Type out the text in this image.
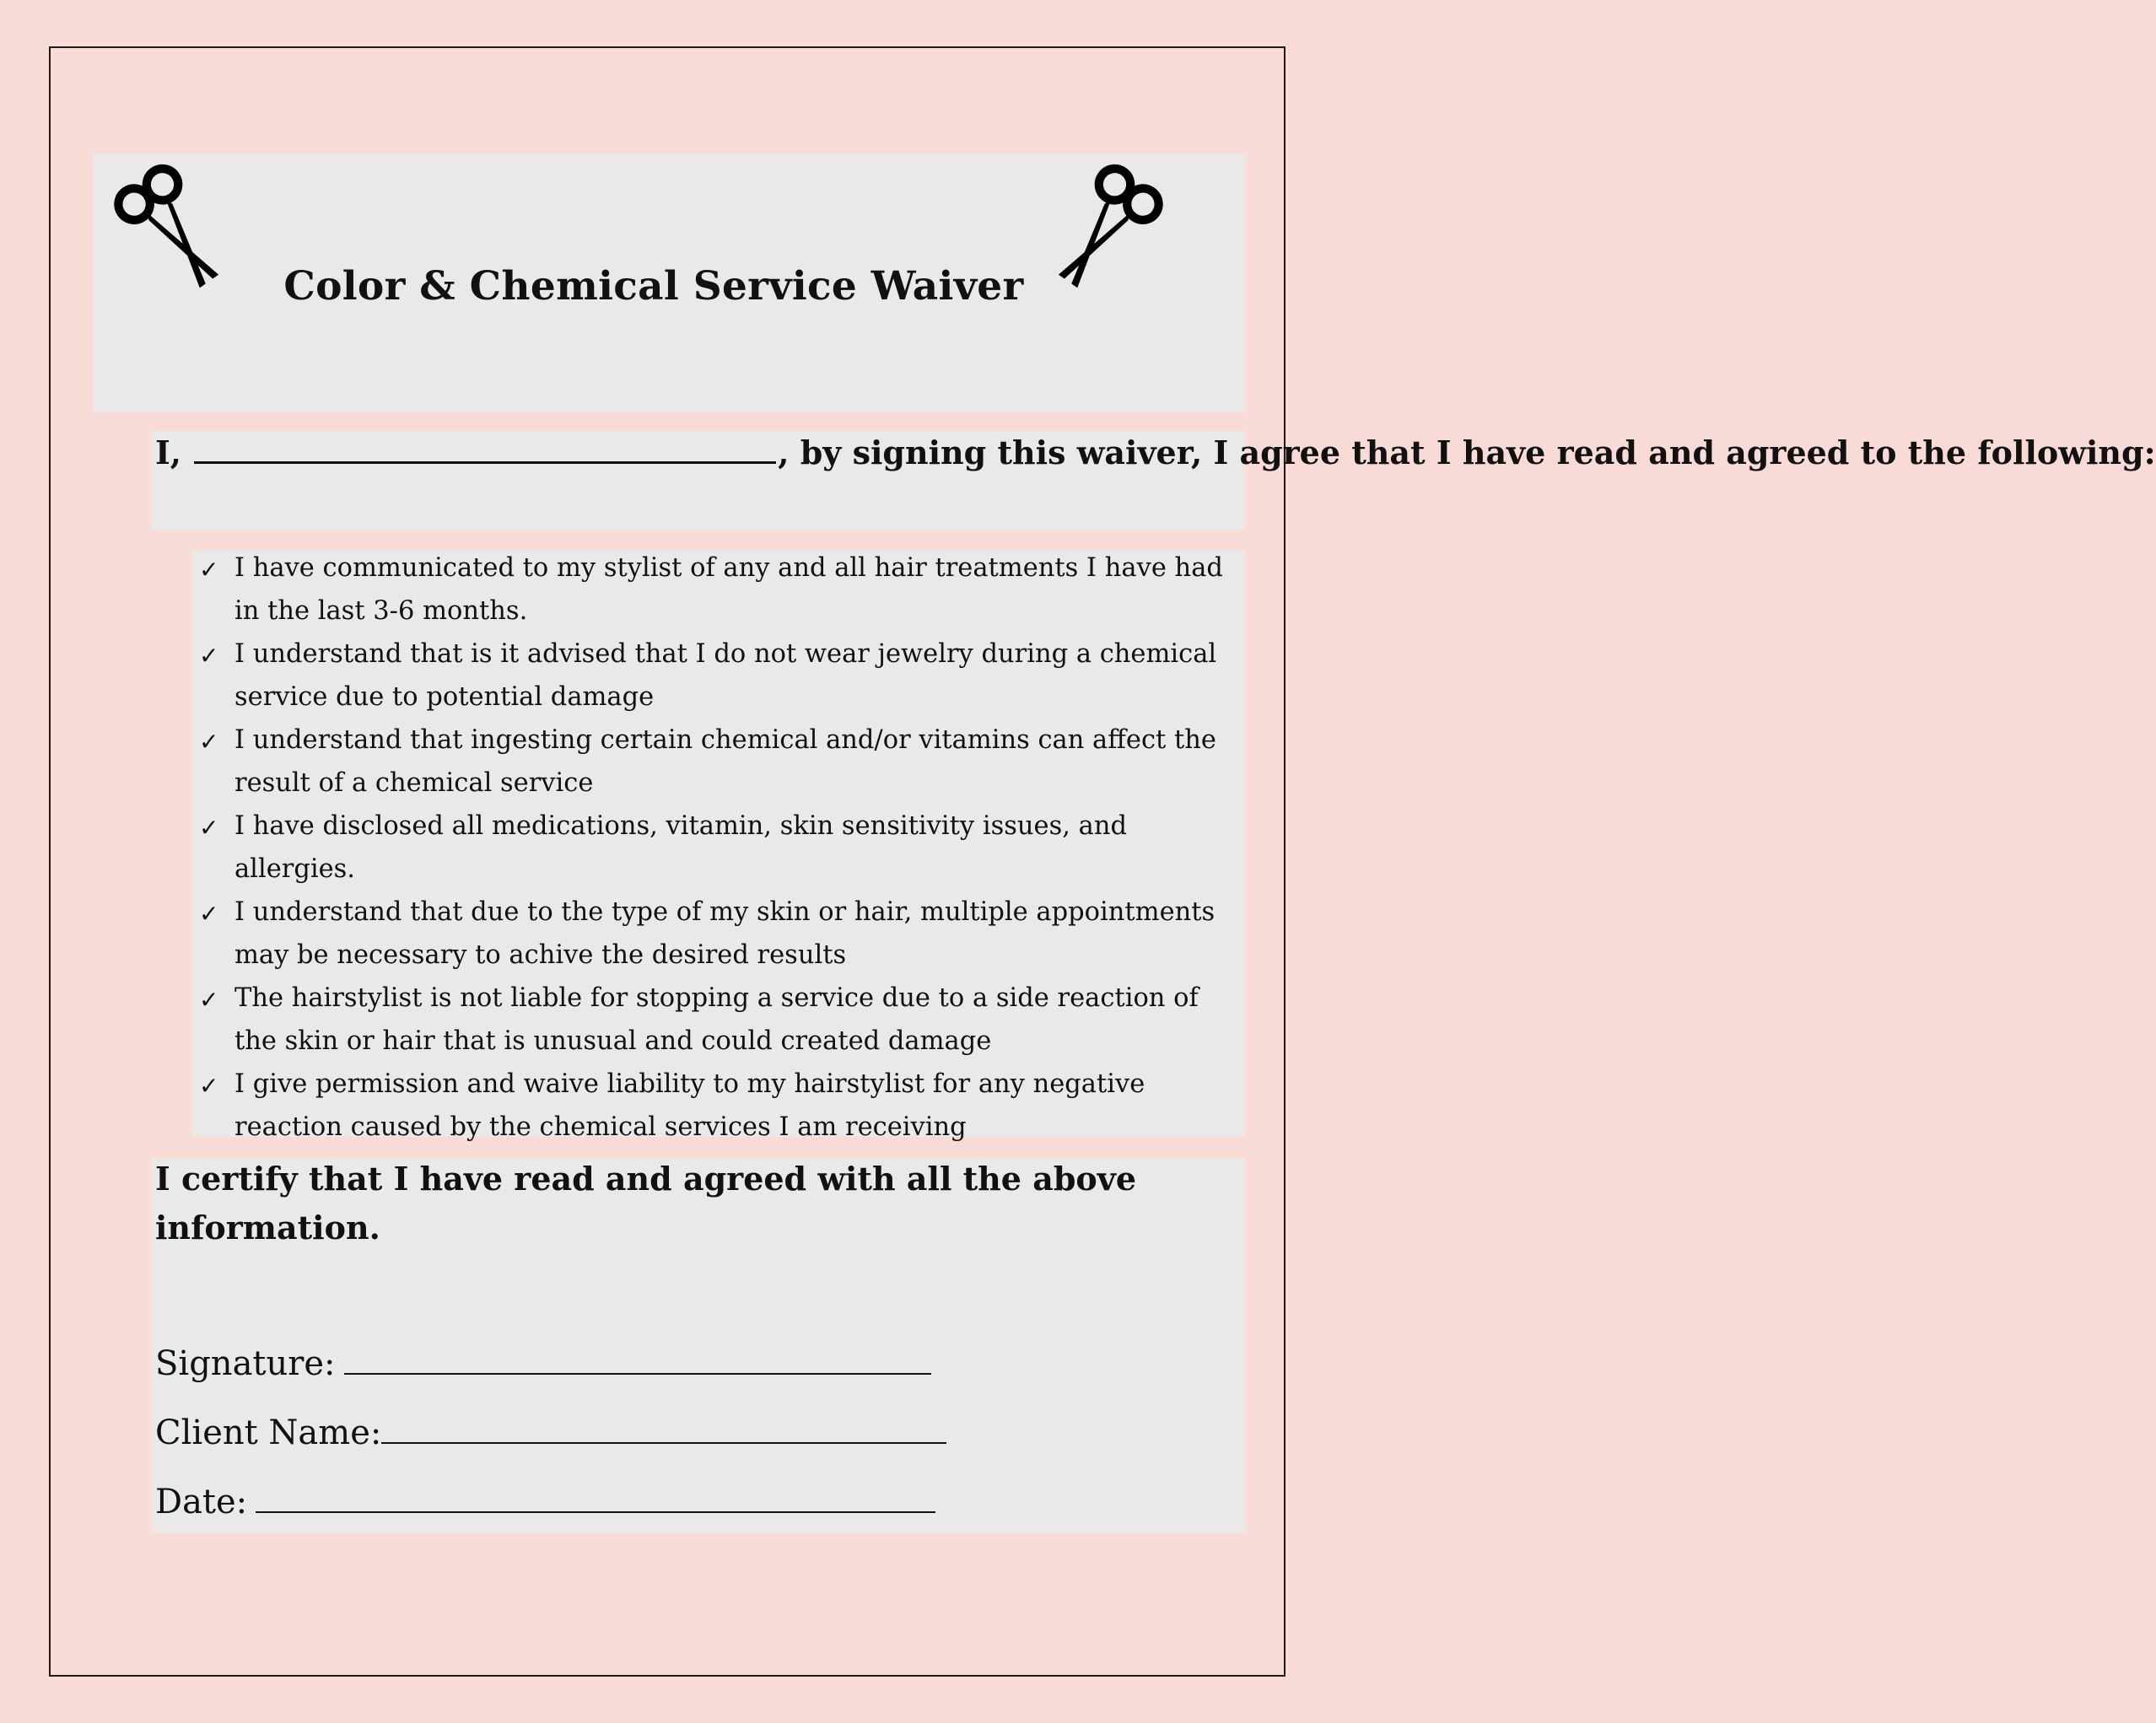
Color & Chemical Service Waiver
I,	, by signing this waiver, I agree that I have read and agreed to the following:
✓ I have communicated to my stylist of any and all hair treatments I have had in the last 3-6 months.
✓ I understand that is it advised that I do not wear jewelry during a chemical service due to potential damage
✓ I understand that ingesting certain chemical and/or vitamins can affect the result of a chemical service
✓ I have disclosed all medications, vitamin, skin sensitivity issues, and allergies.
✓ I understand that due to the type of my skin or hair, multiple appointments may be necessary to achive the desired results
✓ The hairstylist is not liable for stopping a service due to a side reaction of the skin or hair that is unusual and could created damage
✓ I give permission and waive liability to my hairstylist for any negative reaction caused by the chemical services I am receiving
I certify that I have read and agreed with all the above information.
Signature:
Client Name:
Date:
